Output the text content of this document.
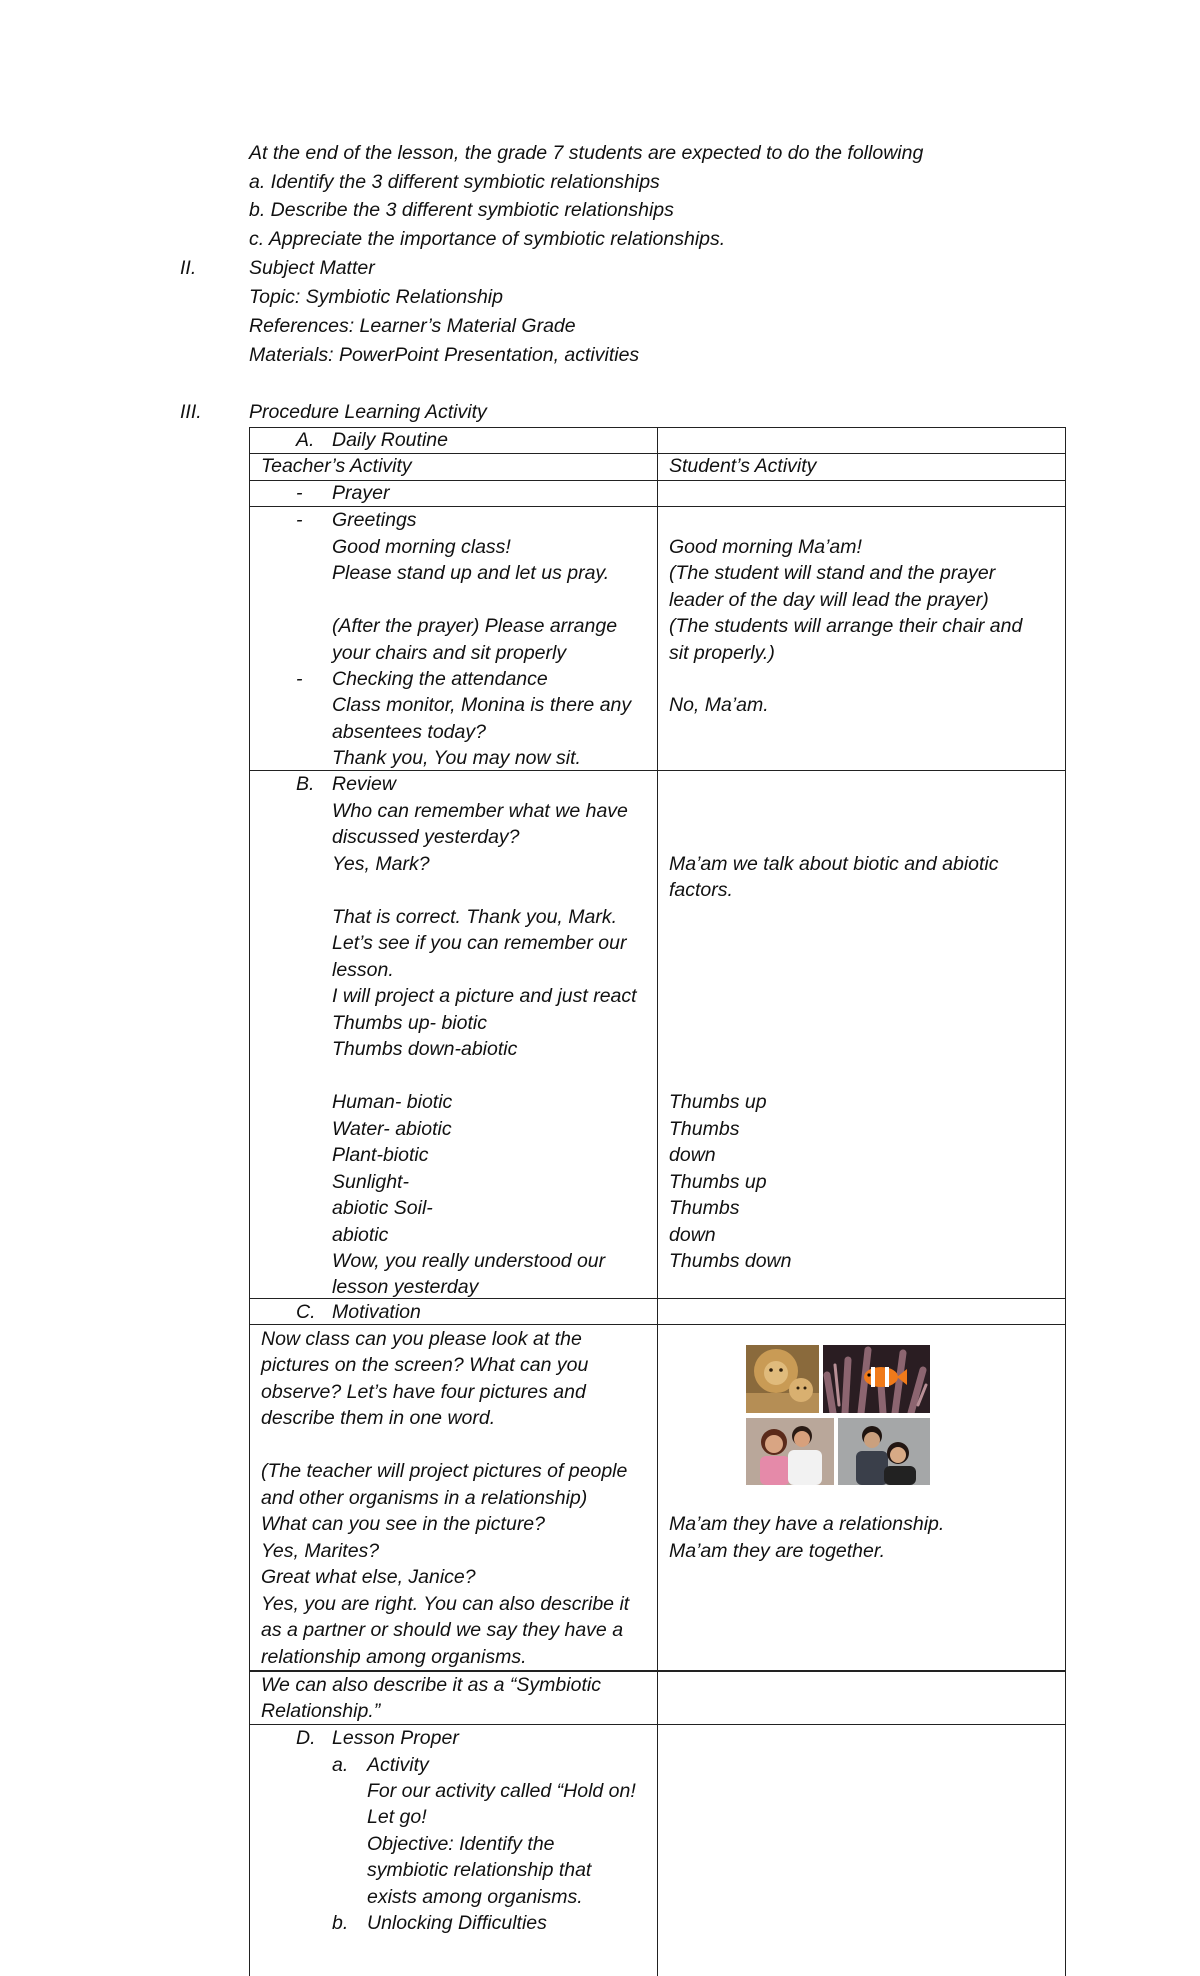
At the end of the lesson, the grade 7 students are expected to do the following
a. Identify the 3 different symbiotic relationships
b. Describe the 3 different symbiotic relationships
c. Appreciate the importance of symbiotic relationships.
II.	Subject Matter
Topic: Symbiotic Relationship
References: Learner’s Material Grade
Materials: PowerPoint Presentation, activities
III. Procedure Learning Activity
A. Daily Routine
Teacher’s Activity	Student’s Activity
- Prayer
- Greetings
Good morning class!
Please stand up and let us pray.
(After the prayer) Please arrange
your chairs and sit properly
- Checking the attendance
Class monitor, Monina is there any
absentees today?
Thank you, You may now sit.
Good morning Ma’am!
(The student will stand and the prayer
leader of the day will lead the prayer)
(The students will arrange their chair and
sit properly.)
No, Ma’am.
B. Review
Who can remember what we have
discussed yesterday?
Yes, Mark?
That is correct. Thank you, Mark.
Let’s see if you can remember our
lesson.
I will project a picture and just react
Thumbs up- biotic
Thumbs down-abiotic
Human- biotic
Water- abiotic
Plant-biotic
Sunlight-
abiotic Soil-
abiotic
Wow, you really understood our
lesson yesterday
Ma’am we talk about biotic and abiotic
factors.
Thumbs up
Thumbs
down
Thumbs up
Thumbs
down
Thumbs down
C. Motivation
Now class can you please look at the
pictures on the screen? What can you
observe? Let’s have four pictures and
describe them in one word.
(The teacher will project pictures of people
and other organisms in a relationship)
What can you see in the picture?
Yes, Marites?
Great what else, Janice?
Yes, you are right. You can also describe it
as a partner or should we say they have a
relationship among organisms.
Ma’am they have a relationship.
Ma’am they are together.
We can also describe it as a “Symbiotic
Relationship.”
D. Lesson Proper
a. Activity
For our activity called “Hold on!
Let go!
Objective: Identify the
symbiotic relationship that
exists among organisms.
b. Unlocking Difficulties
